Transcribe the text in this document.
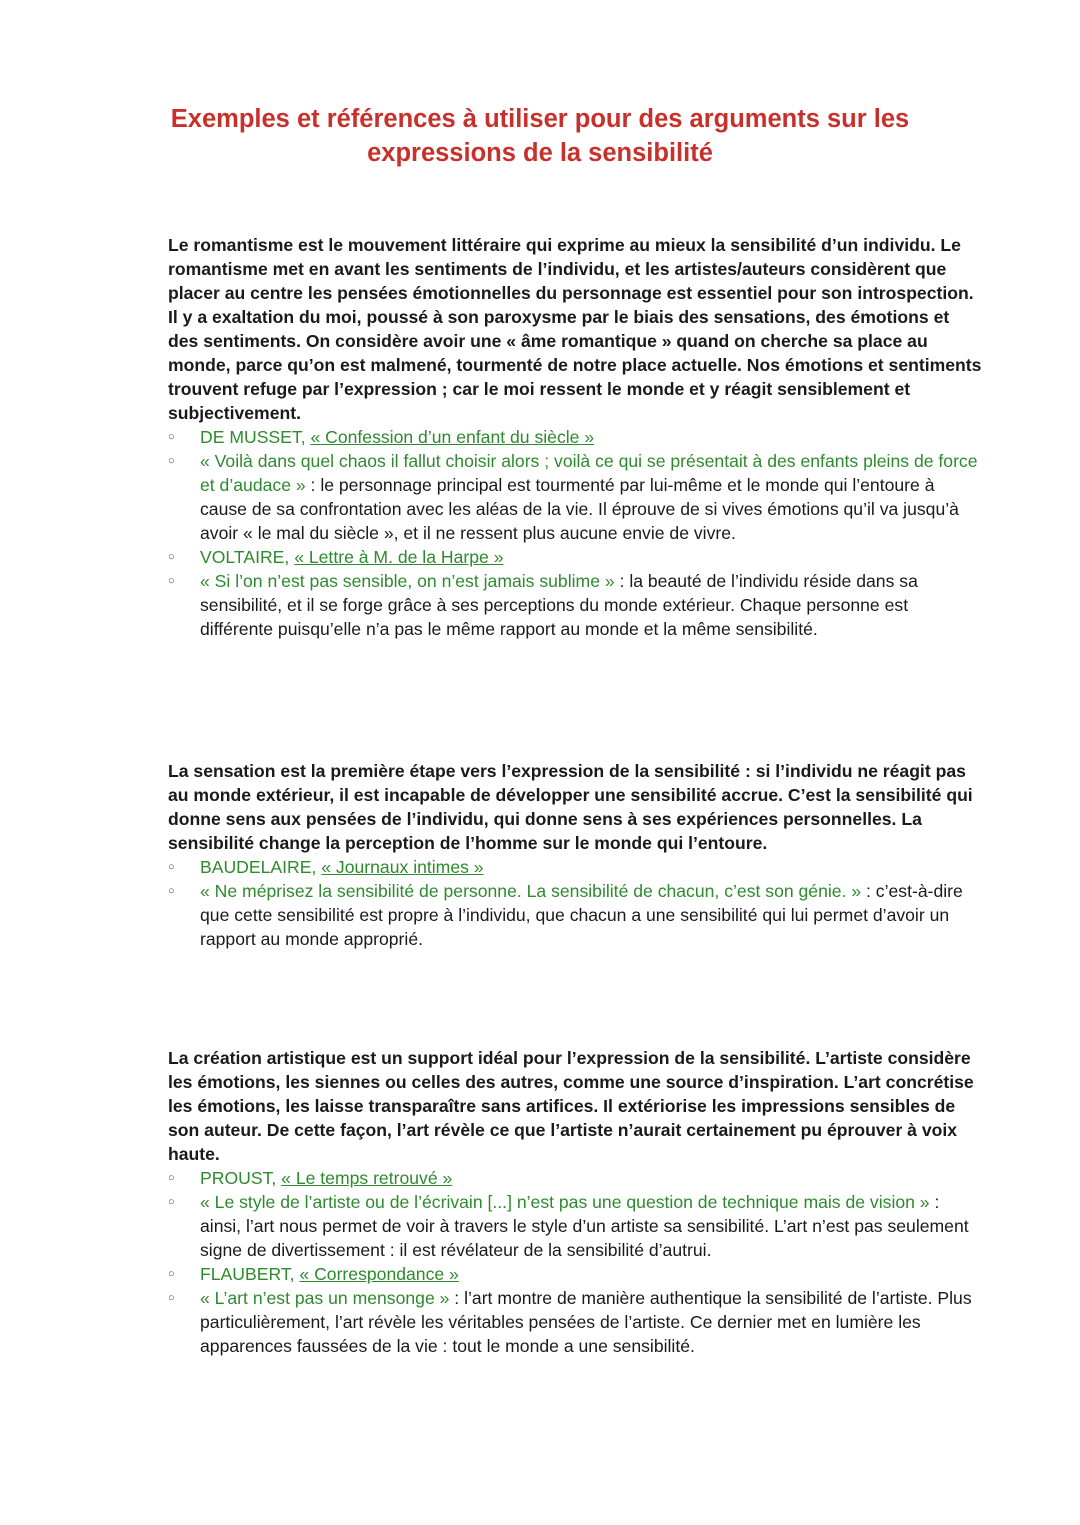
Exemples et références à utiliser pour des arguments sur les expressions de la sensibilité

Le romantisme est le mouvement littéraire qui exprime au mieux la sensibilité d’un individu. Le romantisme met en avant les sentiments de l’individu, et les artistes/auteurs considèrent que placer au centre les pensées émotionnelles du personnage est essentiel pour son introspection. Il y a exaltation du moi, poussé à son paroxysme par le biais des sensations, des émotions et des sentiments. On considère avoir une « âme romantique » quand on cherche sa place au monde, parce qu’on est malmené, tourmenté de notre place actuelle. Nos émotions et sentiments trouvent refuge par l’expression ; car le moi ressent le monde et y réagit sensiblement et subjectivement.

○ DE MUSSET, « Confession d’un enfant du siècle »
○ « Voilà dans quel chaos il fallut choisir alors ; voilà ce qui se présentait à des enfants pleins de force et d’audace » : le personnage principal est tourmenté par lui-même et le monde qui l’entoure à cause de sa confrontation avec les aléas de la vie. Il éprouve de si vives émotions qu’il va jusqu’à avoir « le mal du siècle », et il ne ressent plus aucune envie de vivre.
○ VOLTAIRE, « Lettre à M. de la Harpe »
○ « Si l’on n’est pas sensible, on n’est jamais sublime » : la beauté de l’individu réside dans sa sensibilité, et il se forge grâce à ses perceptions du monde extérieur. Chaque personne est différente puisqu’elle n’a pas le même rapport au monde et la même sensibilité.

La sensation est la première étape vers l’expression de la sensibilité : si l’individu ne réagit pas au monde extérieur, il est incapable de développer une sensibilité accrue. C’est la sensibilité qui donne sens aux pensées de l’individu, qui donne sens à ses expériences personnelles. La sensibilité change la perception de l’homme sur le monde qui l’entoure.

○ BAUDELAIRE, « Journaux intimes »
○ « Ne méprisez la sensibilité de personne. La sensibilité de chacun, c’est son génie. » : c’est-à-dire que cette sensibilité est propre à l’individu, que chacun a une sensibilité qui lui permet d’avoir un rapport au monde approprié.

La création artistique est un support idéal pour l’expression de la sensibilité. L’artiste considère les émotions, les siennes ou celles des autres, comme une source d’inspiration. L’art concrétise les émotions, les laisse transparaître sans artifices. Il extériorise les impressions sensibles de son auteur. De cette façon, l’art révèle ce que l’artiste n’aurait certainement pu éprouver à voix haute.

○ PROUST, « Le temps retrouvé »
○ « Le style de l’artiste ou de l’écrivain [...] n’est pas une question de technique mais de vision » : ainsi, l’art nous permet de voir à travers le style d’un artiste sa sensibilité. L’art n’est pas seulement signe de divertissement : il est révélateur de la sensibilité d’autrui.
○ FLAUBERT, « Correspondance »
○ « L’art n’est pas un mensonge » : l’art montre de manière authentique la sensibilité de l’artiste. Plus particulièrement, l’art révèle les véritables pensées de l’artiste. Ce dernier met en lumière les apparences faussées de la vie : tout le monde a une sensibilité.
